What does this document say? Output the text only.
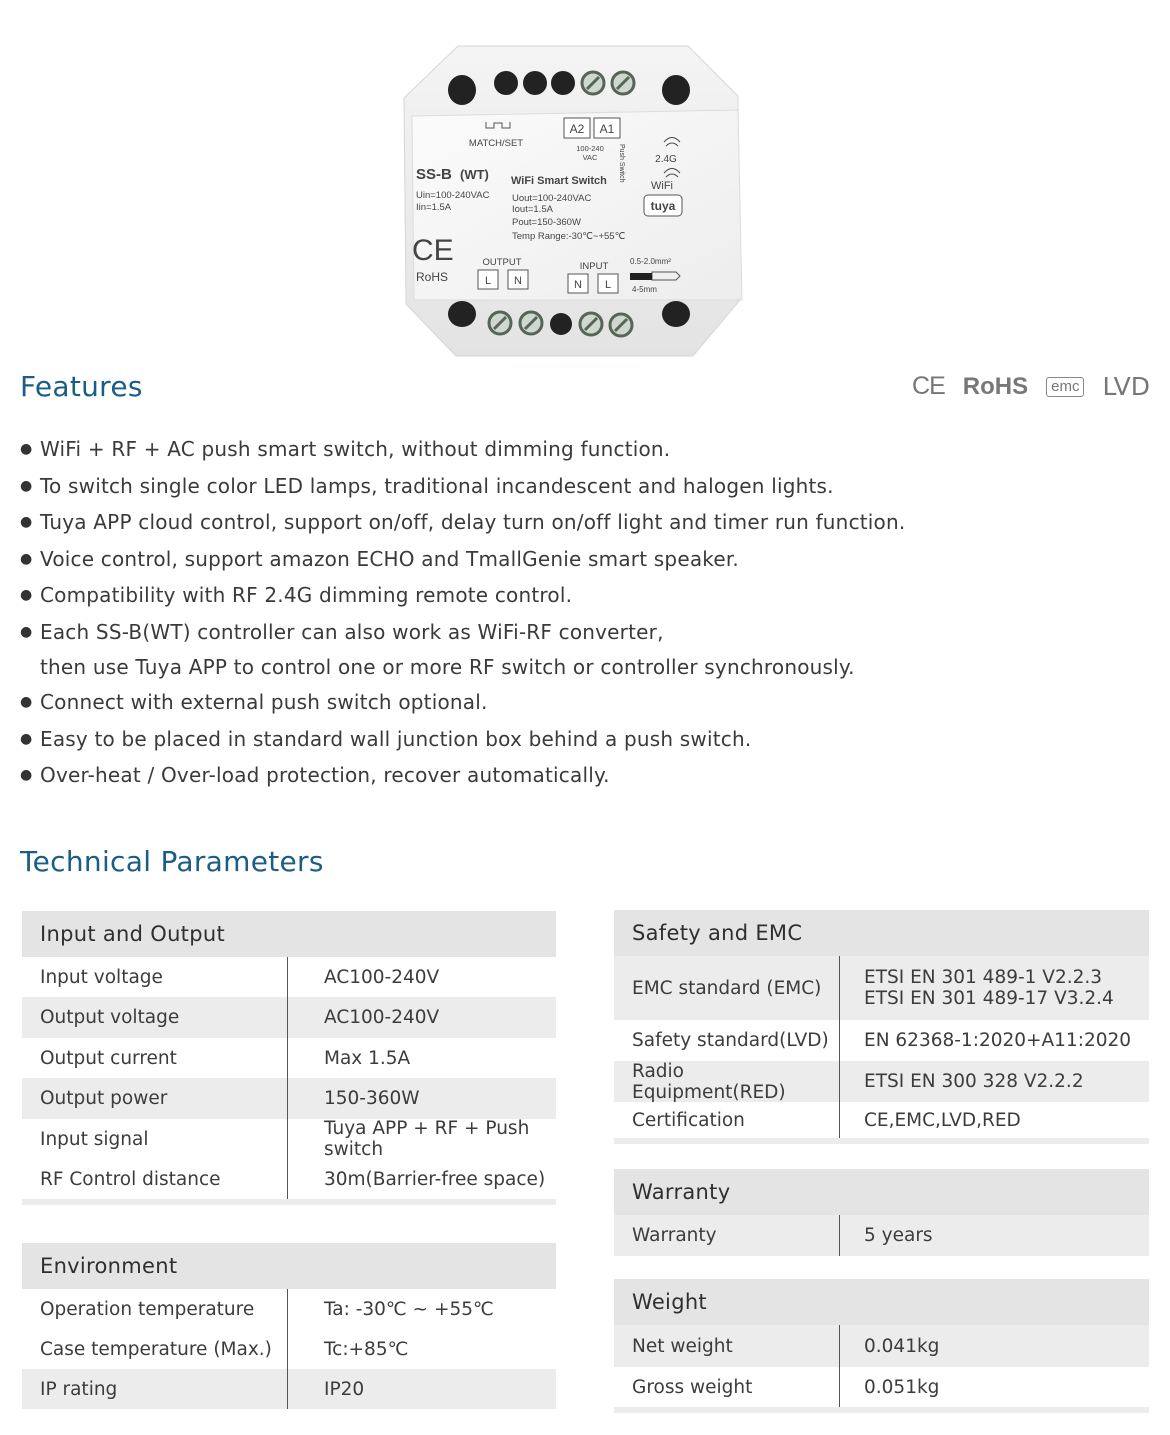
MATCH/SET
A2 A1
100-240
VAC	Push Switch	2.4G
WiFi
tuya
SS-B (WT)
Uin=100-240VAC
Iin=1.5A
WiFi Smart Switch
Uout=100-240VAC
Iout=1.5A
Pout=150-360W
Temp Range:-30℃~+55℃
CE
RoHS
OUTPUT
L N
INPUT
N L
0.5-2.0mm²
4-5mm
Features	CE RoHS	emc LVD
● WiFi + RF + AC push smart switch, without dimming function.
● To switch single color LED lamps, traditional incandescent and halogen lights.
● Tuya APP cloud control, support on/off, delay turn on/off light and timer run function.
● Voice control, support amazon ECHO and TmallGenie smart speaker.
● Compatibility with RF 2.4G dimming remote control.
● Each SS-B(WT) controller can also work as WiFi-RF converter,
then use Tuya APP to control one or more RF switch or controller synchronously.
● Connect with external push switch optional.
● Easy to be placed in standard wall junction box behind a push switch.
● Over-heat / Over-load protection, recover automatically.
Technical Parameters
Input and Output
Input voltage	AC100-240V
Output voltage	AC100-240V
Output current	Max 1.5A
Output power	150-360W
Input signal	Tuya APP + RF + Push switch
RF Control distance	30m(Barrier-free space)
Environment
Operation temperature	Ta: -30℃ ~ +55℃
Case temperature (Max.)	Tc:+85℃
IP rating	IP20
Safety and EMC
EMC standard (EMC)	ETSI EN 301 489-1 V2.2.3
ETSI EN 301 489-17 V3.2.4
Safety standard(LVD)	EN 62368-1:2020+A11:2020
Radio Equipment(RED)	ETSI EN 300 328 V2.2.2
Certification	CE,EMC,LVD,RED
Warranty
Warranty	5 years
Weight
Net weight	0.041kg
Gross weight	0.051kg
